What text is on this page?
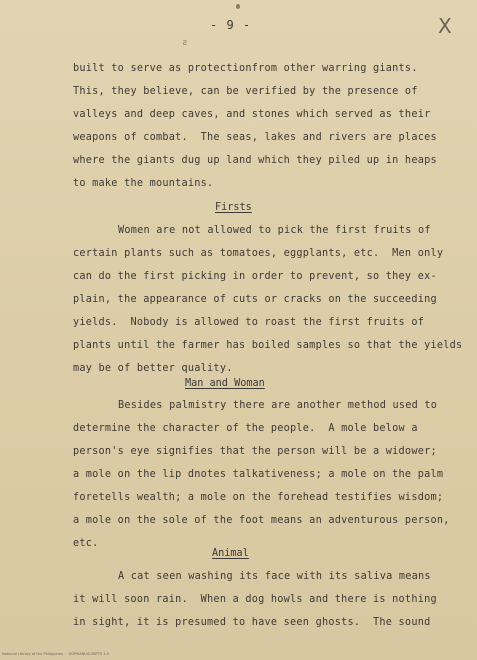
- 9 -	X
ƨ
built to serve as protectionfrom other warring giants.
This, they believe, can be verified by the presence of
valleys and deep caves, and stones which served as their
weapons of combat.  The seas, lakes and rivers are places
where the giants dug up land which they piled up in heaps
to make the mountains.
Firsts
Women are not allowed to pick the first fruits of
certain plants such as tomatoes, eggplants, etc.  Men only
can do the first picking in order to prevent, so they ex-
plain, the appearance of cuts or cracks on the succeeding
yields.  Nobody is allowed to roast the first fruits of
plants until the farmer has boiled samples so that the yields
may be of better quality.
Man and Woman
Besides palmistry there are another method used to
determine the character of the people.  A mole below a
person's eye signifies that the person will be a widower;
a mole on the lip dnotes talkativeness; a mole on the palm
foretells wealth; a mole on the forehead testifies wisdom;
a mole on the sole of the foot means an adventurous person,
etc.
Animal
A cat seen washing its face with its saliva means
it will soon rain.  When a dog howls and there is nothing
in sight, it is presumed to have seen ghosts.  The sound
National Library of the Philippines  ·  HDPMANUSCRIPTS 1.0
